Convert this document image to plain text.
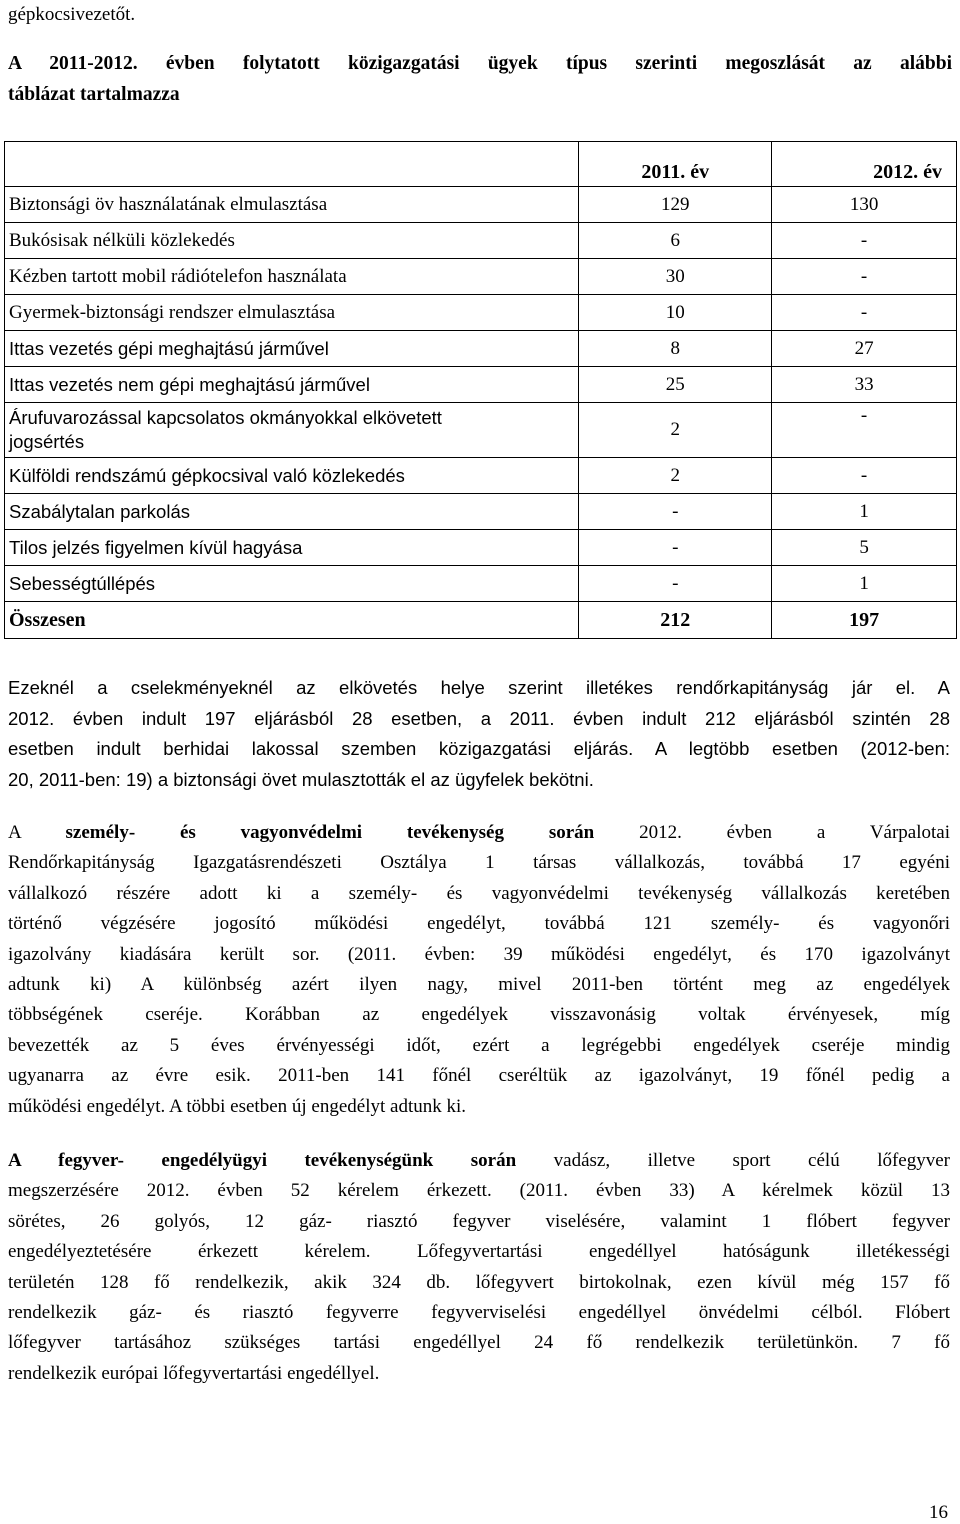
gépkocsivezetőt.
A 2011-2012. évben folytatott közigazgatási ügyek típus szerinti megoszlását az alábbi
táblázat tartalmazza
	2011. év	2012. év
Biztonsági öv használatának elmulasztása	129	130
Bukósisak nélküli közlekedés	6	-
Kézben tartott mobil rádiótelefon használata	30	-
Gyermek-biztonsági rendszer elmulasztása	10	-
Ittas vezetés gépi meghajtású járművel	8	27
Ittas vezetés nem gépi meghajtású járművel	25	33

Árufuvarozással kapcsolatos okmányokkal elkövetett
jogsértés	2	-
Külföldi rendszámú gépkocsival való közlekedés	2	-
Szabálytalan parkolás	-	1
Tilos jelzés figyelmen kívül hagyása	-	5
Sebességtúllépés	-	1
Összesen	212	197
Ezeknél a cselekményeknél az elkövetés helye szerint illetékes rendőrkapitányság jár el. A
2012. évben indult 197 eljárásból 28 esetben, a 2011. évben indult 212 eljárásból szintén 28
esetben indult berhidai lakossal szemben közigazgatási eljárás. A legtöbb esetben (2012-ben:
20, 2011-ben: 19) a biztonsági övet mulasztották el az ügyfelek bekötni.
A személy- és vagyonvédelmi tevékenység során 2012. évben a Várpalotai
Rendőrkapitányság Igazgatásrendészeti Osztálya 1 társas vállalkozás, továbbá 17 egyéni
vállalkozó részére adott ki a személy- és vagyonvédelmi tevékenység vállalkozás keretében
történő végzésére jogosító működési engedélyt, továbbá 121 személy- és vagyonőri
igazolvány kiadására került sor. (2011. évben: 39 működési engedélyt, és 170 igazolványt
adtunk ki) A különbség azért ilyen nagy, mivel 2011-ben történt meg az engedélyek
többségének cseréje. Korábban az engedélyek visszavonásig voltak érvényesek, míg
bevezették az 5 éves érvényességi időt, ezért a legrégebbi engedélyek cseréje mindig
ugyanarra az évre esik. 2011-ben 141 főnél cseréltük az igazolványt, 19 főnél pedig a
működési engedélyt. A többi esetben új engedélyt adtunk ki.
A fegyver- engedélyügyi tevékenységünk során vadász, illetve sport célú lőfegyver
megszerzésére 2012. évben 52 kérelem érkezett. (2011. évben 33) A kérelmek közül 13
sörétes, 26 golyós, 12 gáz- riasztó fegyver viselésére, valamint 1 flóbert fegyver
engedélyeztetésére érkezett kérelem. Lőfegyvertartási engedéllyel hatóságunk illetékességi
területén 128 fő rendelkezik, akik 324 db. lőfegyvert birtokolnak, ezen kívül még 157 fő
rendelkezik gáz- és riasztó fegyverre fegyverviselési engedéllyel önvédelmi célból. Flóbert
lőfegyver tartásához szükséges tartási engedéllyel 24 fő rendelkezik területünkön. 7 fő
rendelkezik európai lőfegyvertartási engedéllyel.
16
